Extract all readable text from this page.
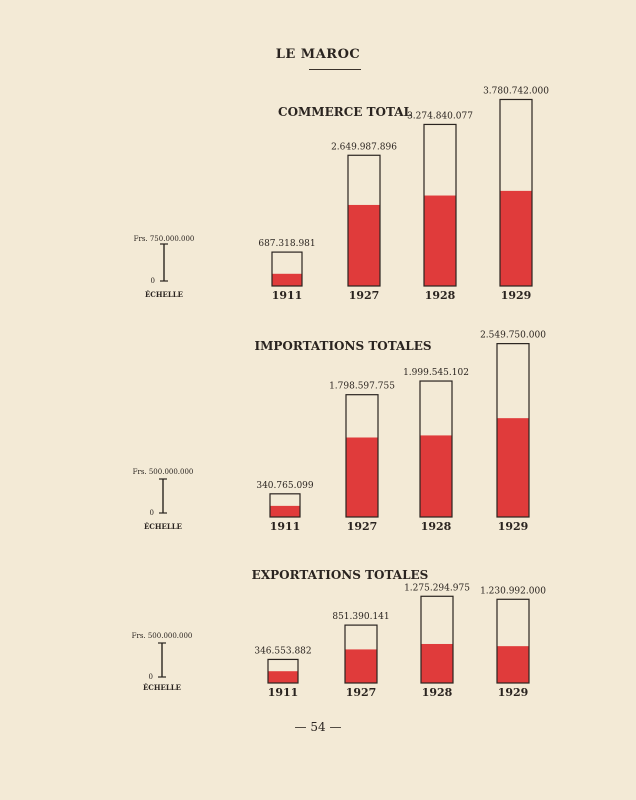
LE MAROC
COMMERCE TOTAL
687.318.981
1911
2.649.987.896
1927
3.274.840.077
1928
3.780.742.000
1929
Frs. 750.000.000
0
ÉCHELLE
IMPORTATIONS TOTALES
340.765.099
1911
1.798.597.755
1927
1.999.545.102
1928
2.549.750.000
1929
Frs. 500.000.000
0
ÉCHELLE
EXPORTATIONS TOTALES
346.553.882
1911
851.390.141
1927
1.275.294.975
1928
1.230.992.000
1929
Frs. 500.000.000
0
ÉCHELLE
— 54 —
